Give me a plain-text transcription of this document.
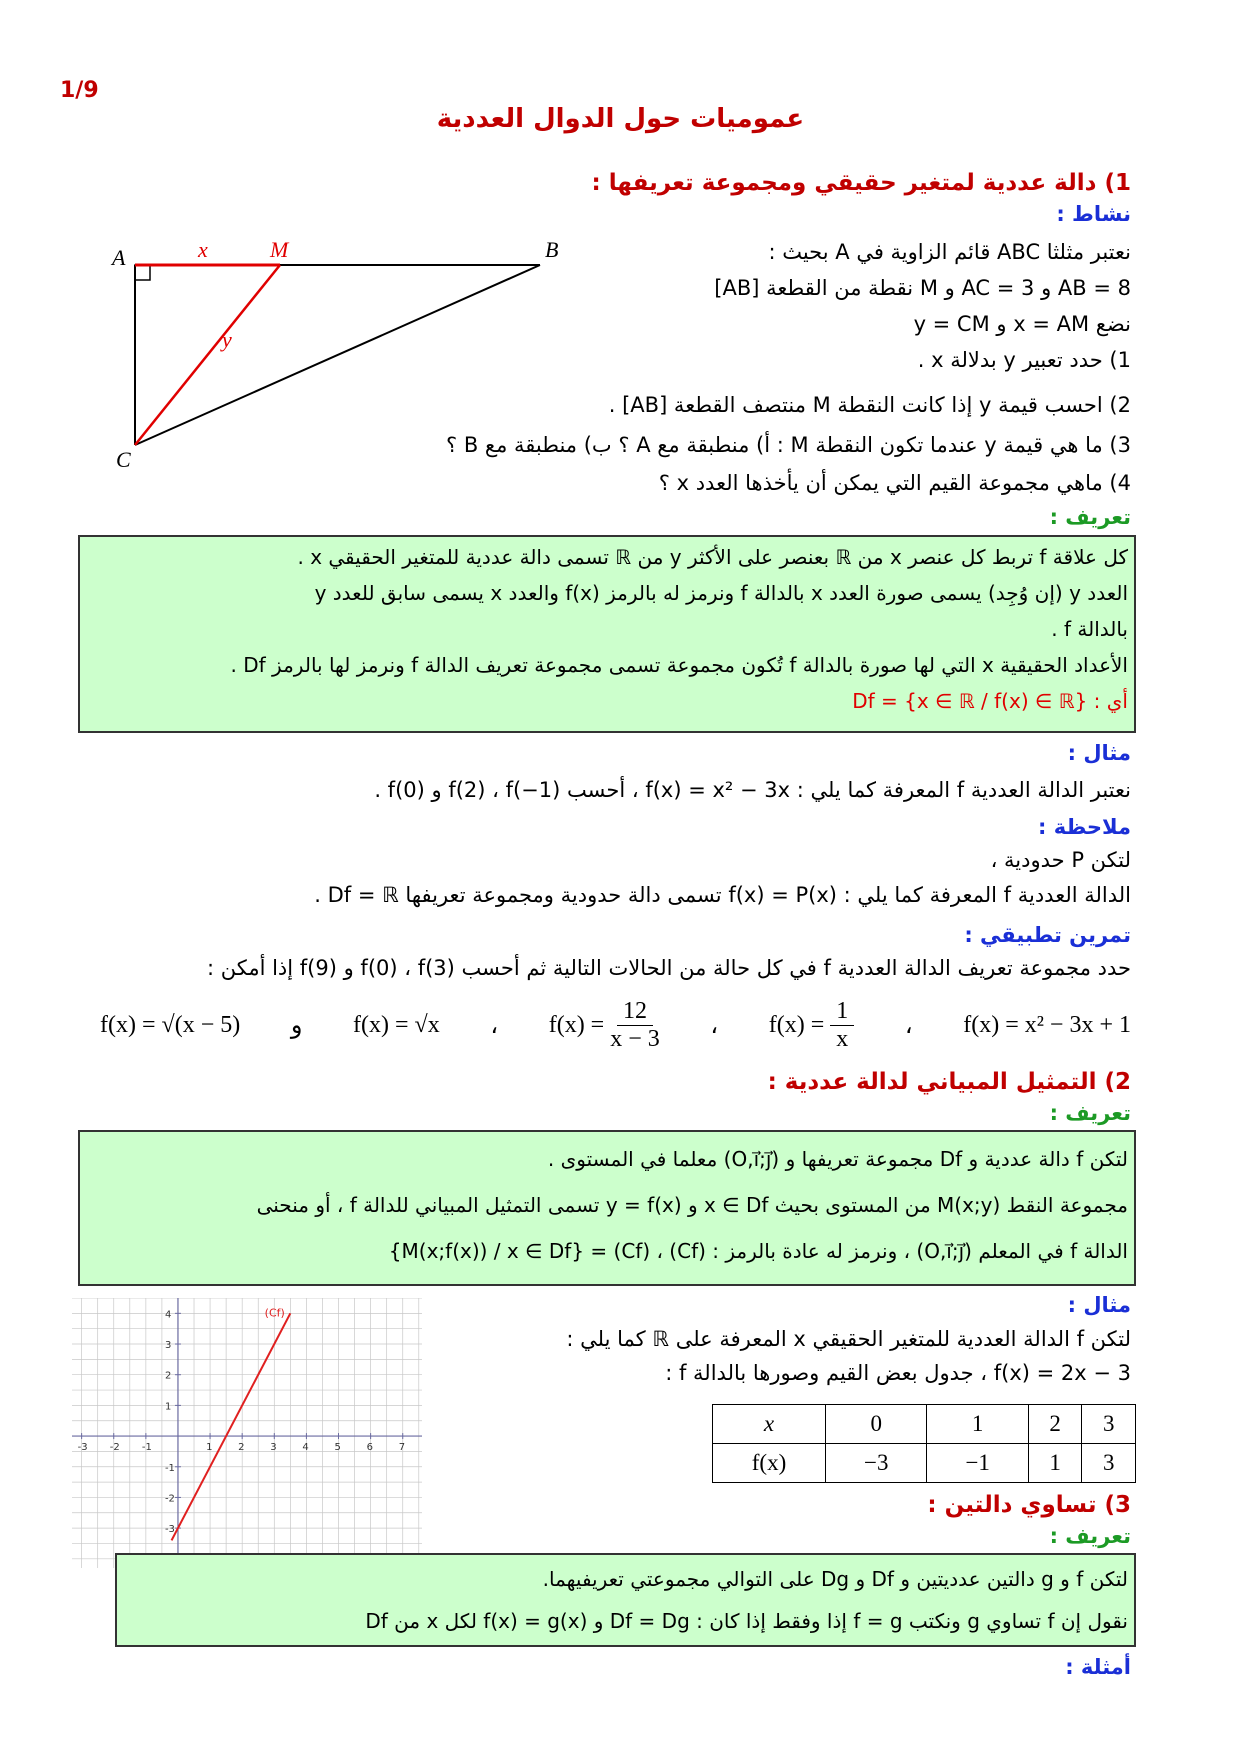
1/9
عموميات حول الدوال العددية
1) دالة عددية لمتغير حقيقي ومجموعة تعريفها :
نشاط :
نعتبر مثلثا ABC قائم الزاوية في A بحيث :
AB = 8 و AC = 3 و M نقطة من القطعة [AB]
نضع x = AM و y = CM
1) حدد تعبير y بدلالة x .
2) احسب قيمة y إذا كانت النقطة M منتصف القطعة [AB] .
3) ما هي قيمة y عندما تكون النقطة M : أ) منطبقة مع A ؟ ب) منطبقة مع B ؟
4) ماهي مجموعة القيم التي يمكن أن يأخذها العدد x ؟
A	B
C
M
x
y
تعريف :
كل علاقة f تربط كل عنصر x من ℝ بعنصر على الأكثر y من ℝ تسمى دالة عددية للمتغير الحقيقي x .
العدد y (إن وُجِد) يسمى صورة العدد x بالدالة f ونرمز له بالرمز f(x) والعدد x يسمى سابق للعدد y
بالدالة f .
الأعداد الحقيقية x التي لها صورة بالدالة f تُكون مجموعة تسمى مجموعة تعريف الدالة f ونرمز لها بالرمز Df .
أي : Df = {x ∈ ℝ / f(x) ∈ ℝ}
مثال :
نعتبر الدالة العددية f المعرفة كما يلي : f(x) = x² − 3x ، أحسب f(2) ، f(−1) و f(0) .
ملاحظة :
لتكن P حدودية ،
الدالة العددية f المعرفة كما يلي : f(x) = P(x) تسمى دالة حدودية ومجموعة تعريفها Df = ℝ .
تمرين تطبيقي :
حدد مجموعة تعريف الدالة العددية f في كل حالة من الحالات التالية ثم أحسب f(0) ، f(3) و f(9) إذا أمكن :
f(x) = x² − 3x + 1
،
$f(x) = \frac{1}{x}$
،
$f(x) = \frac{12}{x - 3}$
،
f(x) = √x
و
f(x) = √(x − 5)
2) التمثيل المبياني لدالة عددية :
تعريف :
لتكن f دالة عددية و Df مجموعة تعريفها و (O,i⃗;j⃗) معلما في المستوى .
مجموعة النقط M(x;y) من المستوى بحيث x ∈ Df و y = f(x) تسمى التمثيل المبياني للدالة f ، أو منحنى
الدالة f في المعلم (O,i⃗;j⃗) ، ونرمز له عادة بالرمز : (Cf) ، (Cf) = {M(x;f(x)) / x ∈ Df}
مثال :
لتكن f الدالة العددية للمتغير الحقيقي x المعرفة على ℝ كما يلي :
f(x) = 2x − 3 ، جدول بعض القيم وصورها بالدالة f :
x	0	1	2	3
f(x)	−3	−1	1	3
-3 -2 -1	1	2	3	4	5	6	7
4
3
2
1
-1
-2
-3
(Cf)
3) تساوي دالتين :
تعريف :
لتكن f و g دالتين عدديتين و Df و Dg على التوالي مجموعتي تعريفيهما.
نقول إن f تساوي g ونكتب f = g إذا وفقط إذا كان : Df = Dg و f(x) = g(x) لكل x من Df
أمثلة :
